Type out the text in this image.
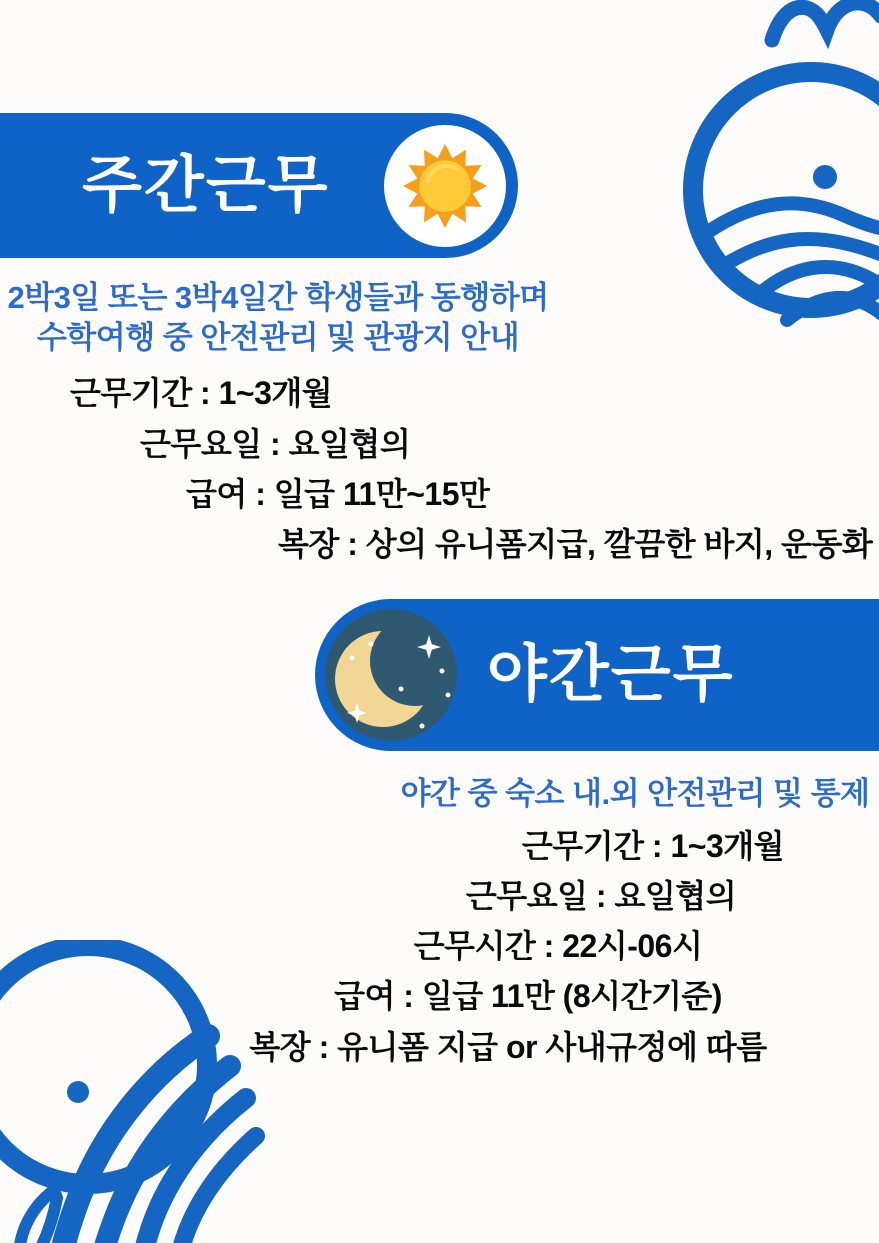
주간근무
2박3일 또는 3박4일간 학생들과 동행하며
수학여행 중 안전관리 및 관광지 안내
근무기간 : 1~3개월
근무요일 : 요일협의
급여 : 일급 11만~15만
복장 : 상의 유니폼지급, 깔끔한 바지, 운동화
야간근무
야간 중 숙소 내.외 안전관리 및 통제
근무기간 : 1~3개월
근무요일 : 요일협의
근무시간 : 22시-06시
급여 : 일급 11만 (8시간기준)
복장 : 유니폼 지급 or 사내규정에 따름
